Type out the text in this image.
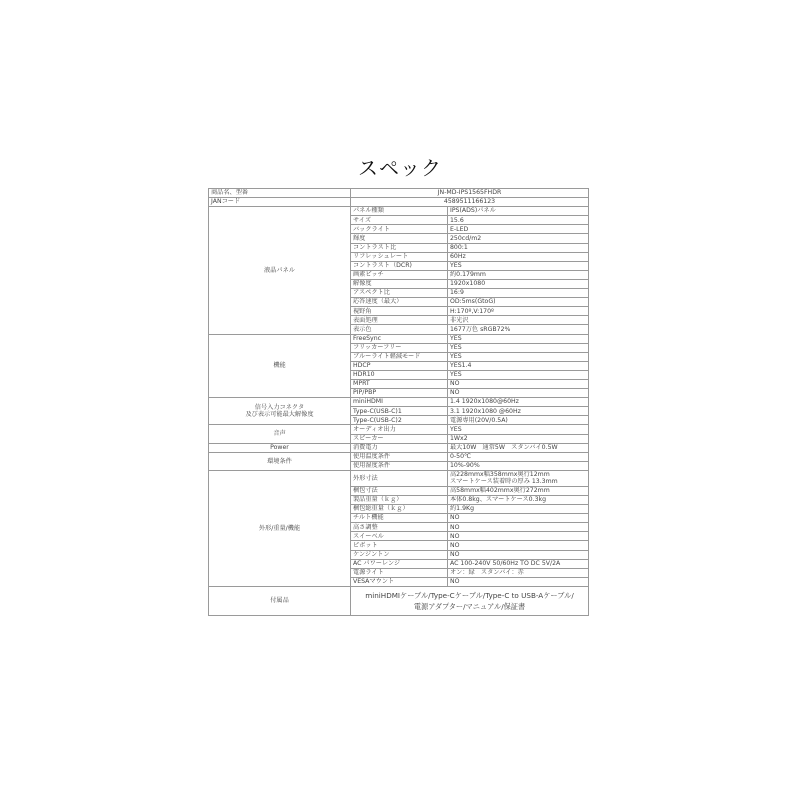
スペック
商品名、型番	JN-MD-IPS1565FHDR	
JANコード	4589511166123	
液晶パネル	パネル種類	IPS(ADS)パネル
	サイズ	15.6
	バックライト	E-LED
	輝度	250cd/m2
	コントラスト比	800:1
	リフレッシュレート	60Hz
	コントラスト（DCR)	YES
	画素ピッチ	約0.179mm
	解像度	1920x1080
	アスペクト比	16:9
	応答速度（最大）	OD:5ms(GtoG)
	視野角	H:170º,V:170º
	表面処理	非光沢
	表示色	1677万色 sRGB72%
機能	FreeSync	YES
	フリッカーフリー	YES
	ブルーライト軽減モード	YES
	HDCP	YES1.4
	HDR10	YES
	MPRT	NO
	PIP/PBP	NO
信号入力コネクタ
及び表示可能最大解像度	miniHDMI	1.4 1920x1080@60Hz
	Type-C(USB-C)1	3.1 1920x1080 @60Hz
	Type-C(USB-C)2	電源専用(20V/0.5A)
音声	オーディオ出力	YES
	スピーカー	1Wx2
Power	消費電力	最大10W　通常5W　スタンバイ0.5W
環境条件	使用温度条件	0-50℃
	使用湿度条件	10%-90%
外形/重量/機能	外形寸法	高228mmx幅358mmx奥行12mm
スマートケース装着時の厚み 13.3mm
	梱包寸法	高58mmx幅402mmx奥行272mm
	製品重量（ｋｇ）	本体0.8kg、スマートケース0.3kg
	梱包総重量（ｋｇ）	約1.9Kg
	チルト機能	NO
	高さ調整	NO
	スイーベル	NO
	ピボット	NO
	ケンジントン	NO
	AC パワーレンジ	AC 100-240V 50/60Hz TO DC 5V/2A
	電源ライト	オン：緑　スタンバイ：赤
	VESAマウント	NO
付属品	miniHDMIケーブル/Type-Cケーブル/Type-C to USB-Aケーブル/
電源アダプター/マニュアル/保証書	
